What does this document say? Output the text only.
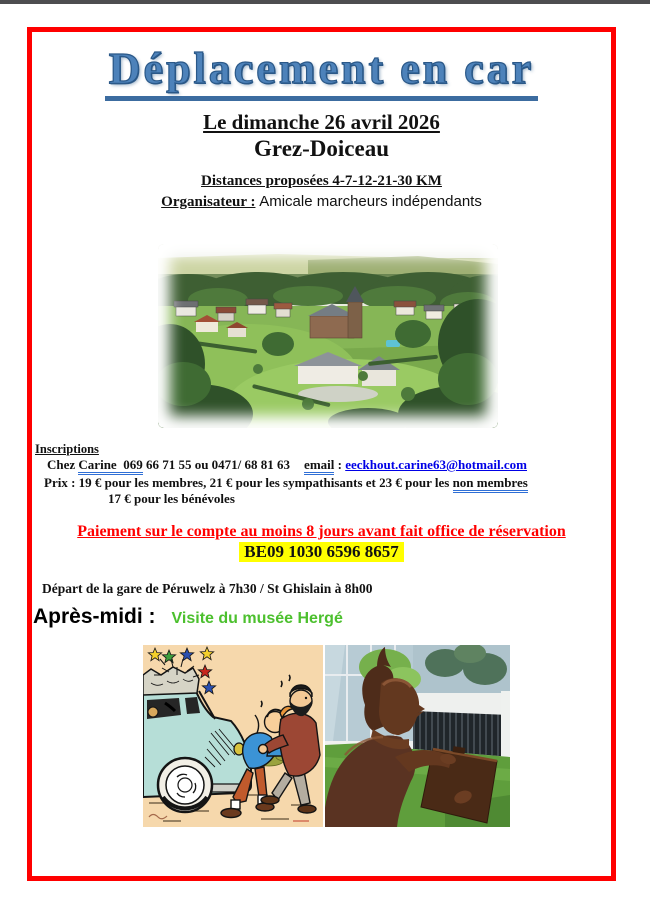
Déplacement en car
Le dimanche 26 avril 2026
Grez-Doiceau
Distances proposées 4-7-12-21-30 KM
Organisateur : Amicale marcheurs indépendants
Inscriptions
Chez Carine  069 66 71 55 ou 0471/ 68 81 63 email : eeckhout.carine63@hotmail.com
Prix : 19 € pour les membres, 21 € pour les sympathisants et 23 € pour les non membres
17 € pour les bénévoles
Paiement sur le compte au moins 8 jours avant fait office de réservation
BE09 1030 6596 8657
Départ de la gare de Péruwelz à 7h30 / St Ghislain à 8h00
Après-midi : Visite du musée Hergé
